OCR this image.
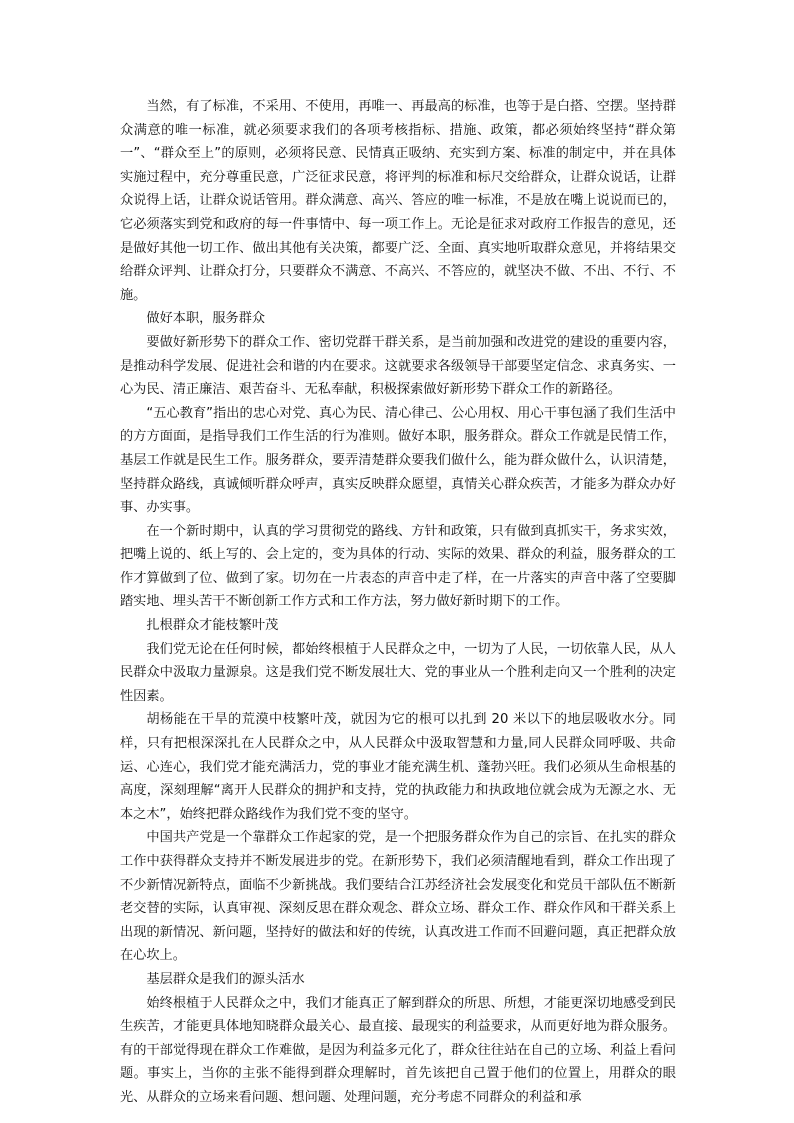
当然，有了标准，不采用、不使用，再唯一、再最高的标准，也等于是白搭、空摆。坚持群众满意的唯一标准，就必须要求我们的各项考核指标、措施、政策，都必须始终坚持“群众第一”、“群众至上”的原则，必须将民意、民情真正吸纳、充实到方案、标准的制定中，并在具体实施过程中，充分尊重民意，广泛征求民意，将评判的标准和标尺交给群众，让群众说话，让群众说得上话，让群众说话管用。群众满意、高兴、答应的唯一标准，不是放在嘴上说说而已的，它必须落实到党和政府的每一件事情中、每一项工作上。无论是征求对政府工作报告的意见，还是做好其他一切工作、做出其他有关决策，都要广泛、全面、真实地听取群众意见，并将结果交给群众评判、让群众打分，只要群众不满意、不高兴、不答应的，就坚决不做、不出、不行、不施。

做好本职，服务群众

要做好新形势下的群众工作、密切党群干群关系，是当前加强和改进党的建设的重要内容，是推动科学发展、促进社会和谐的内在要求。这就要求各级领导干部要坚定信念、求真务实、一心为民、清正廉洁、艰苦奋斗、无私奉献，积极探索做好新形势下群众工作的新路径。

“五心教育”指出的忠心对党、真心为民、清心律己、公心用权、用心干事包涵了我们生活中的方方面面，是指导我们工作生活的行为准则。做好本职，服务群众。群众工作就是民情工作，基层工作就是民生工作。服务群众，要弄清楚群众要我们做什么，能为群众做什么，认识清楚，坚持群众路线，真诚倾听群众呼声，真实反映群众愿望，真情关心群众疾苦，才能多为群众办好事、办实事。

在一个新时期中，认真的学习贯彻党的路线、方针和政策，只有做到真抓实干，务求实效，把嘴上说的、纸上写的、会上定的，变为具体的行动、实际的效果、群众的利益，服务群众的工作才算做到了位、做到了家。切勿在一片表态的声音中走了样，在一片落实的声音中落了空要脚踏实地、埋头苦干不断创新工作方式和工作方法，努力做好新时期下的工作。

扎根群众才能枝繁叶茂

我们党无论在任何时候，都始终根植于人民群众之中，一切为了人民，一切依靠人民，从人民群众中汲取力量源泉。这是我们党不断发展壮大、党的事业从一个胜利走向又一个胜利的决定性因素。

胡杨能在干旱的荒漠中枝繁叶茂，就因为它的根可以扎到 20 米以下的地层吸收水分。同样，只有把根深深扎在人民群众之中，从人民群众中汲取智慧和力量,同人民群众同呼吸、共命运、心连心，我们党才能充满活力，党的事业才能充满生机、蓬勃兴旺。我们必须从生命根基的高度，深刻理解“离开人民群众的拥护和支持，党的执政能力和执政地位就会成为无源之水、无本之木”，始终把群众路线作为我们党不变的坚守。

中国共产党是一个靠群众工作起家的党，是一个把服务群众作为自己的宗旨、在扎实的群众工作中获得群众支持并不断发展进步的党。在新形势下，我们必须清醒地看到，群众工作出现了不少新情况新特点，面临不少新挑战。我们要结合江苏经济社会发展变化和党员干部队伍不断新老交替的实际，认真审视、深刻反思在群众观念、群众立场、群众工作、群众作风和干群关系上出现的新情况、新问题，坚持好的做法和好的传统，认真改进工作而不回避问题，真正把群众放在心坎上。

基层群众是我们的源头活水

始终根植于人民群众之中，我们才能真正了解到群众的所思、所想，才能更深切地感受到民生疾苦，才能更具体地知晓群众最关心、最直接、最现实的利益要求，从而更好地为群众服务。有的干部觉得现在群众工作难做，是因为利益多元化了，群众往往站在自己的立场、利益上看问题。事实上，当你的主张不能得到群众理解时，首先该把自己置于他们的位置上，用群众的眼光、从群众的立场来看问题、想问题、处理问题，充分考虑不同群众的利益和承
